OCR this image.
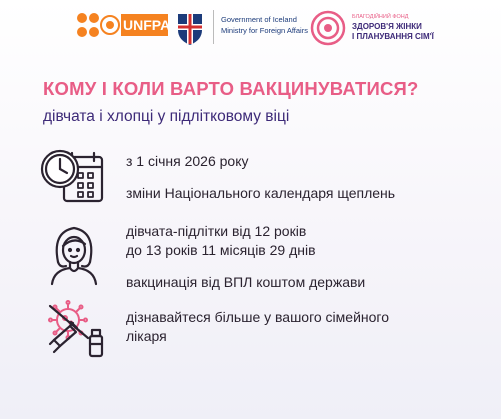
UNFPA	Government of Iceland
Ministry for Foreign Affairs
БЛАГОДІЙНИЙ ФОНД
ЗДОРОВ'Я ЖІНКИ
І ПЛАНУВАННЯ СІМ'Ї
КОМУ І КОЛИ ВАРТО ВАКЦИНУВАТИСЯ?
дівчата і хлопці у підлітковому віці
з 1 січня 2026 року
зміни Національного календаря щеплень
дівчата-підлітки від 12 років
до 13 років 11 місяців 29 днів
вакцинація від ВПЛ коштом держави
дізнавайтеся більше у вашого сімейного
лікаря
